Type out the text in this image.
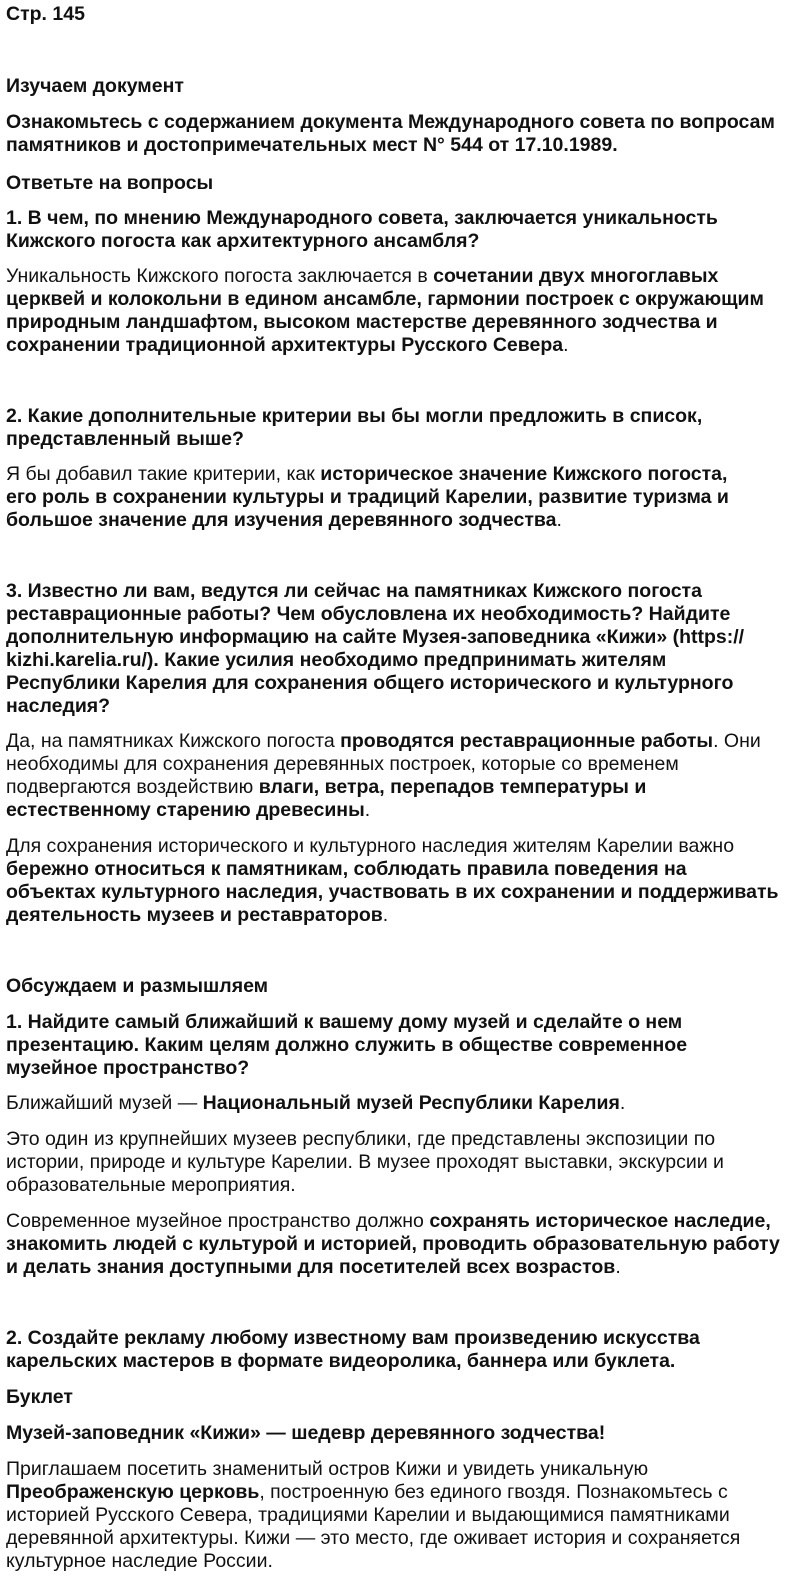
Стр. 145

Изучаем документ

Ознакомьтесь с содержанием документа Международного совета по вопросам

памятников и достопримечательных мест N° 544 от 17.10.1989.

Ответьте на вопросы

1. В чем, по мнению Международного совета, заключается уникальность

Кижского погоста как архитектурного ансамбля?

Уникальность Кижского погоста заключается в сочетании двух многоглавых

церквей и колокольни в едином ансамбле, гармонии построек с окружающим

природным ландшафтом, высоком мастерстве деревянного зодчества и

сохранении традиционной архитектуры Русского Севера.

2. Какие дополнительные критерии вы бы могли предложить в список,

представленный выше?

Я бы добавил такие критерии, как историческое значение Кижского погоста,

его роль в сохранении культуры и традиций Карелии, развитие туризма и

большое значение для изучения деревянного зодчества.

3. Известно ли вам, ведутся ли сейчас на памятниках Кижского погоста

реставрационные работы? Чем обусловлена их необходимость? Найдите

дополнительную информацию на сайте Музея-заповедника «Кижи» (https://

kizhi.karelia.ru/). Какие усилия необходимо предпринимать жителям

Республики Карелия для сохранения общего исторического и культурного

наследия?

Да, на памятниках Кижского погоста проводятся реставрационные работы. Они

необходимы для сохранения деревянных построек, которые со временем

подвергаются воздействию влаги, ветра, перепадов температуры и

естественному старению древесины.

Для сохранения исторического и культурного наследия жителям Карелии важно

бережно относиться к памятникам, соблюдать правила поведения на

объектах культурного наследия, участвовать в их сохранении и поддерживать

деятельность музеев и реставраторов.

Обсуждаем и размышляем

1. Найдите самый ближайший к вашему дому музей и сделайте о нем

презентацию. Каким целям должно служить в обществе современное

музейное пространство?

Ближайший музей — Национальный музей Республики Карелия.

Это один из крупнейших музеев республики, где представлены экспозиции по

истории, природе и культуре Карелии. В музее проходят выставки, экскурсии и

образовательные мероприятия.

Современное музейное пространство должно сохранять историческое наследие,

знакомить людей с культурой и историей, проводить образовательную работу

и делать знания доступными для посетителей всех возрастов.

2. Создайте рекламу любому известному вам произведению искусства

карельских мастеров в формате видеоролика, баннера или буклета.

Буклет

Музей-заповедник «Кижи» — шедевр деревянного зодчества!

Приглашаем посетить знаменитый остров Кижи и увидеть уникальную

Преображенскую церковь, построенную без единого гвоздя. Познакомьтесь с

историей Русского Севера, традициями Карелии и выдающимися памятниками

деревянной архитектуры. Кижи — это место, где оживает история и сохраняется

культурное наследие России.
